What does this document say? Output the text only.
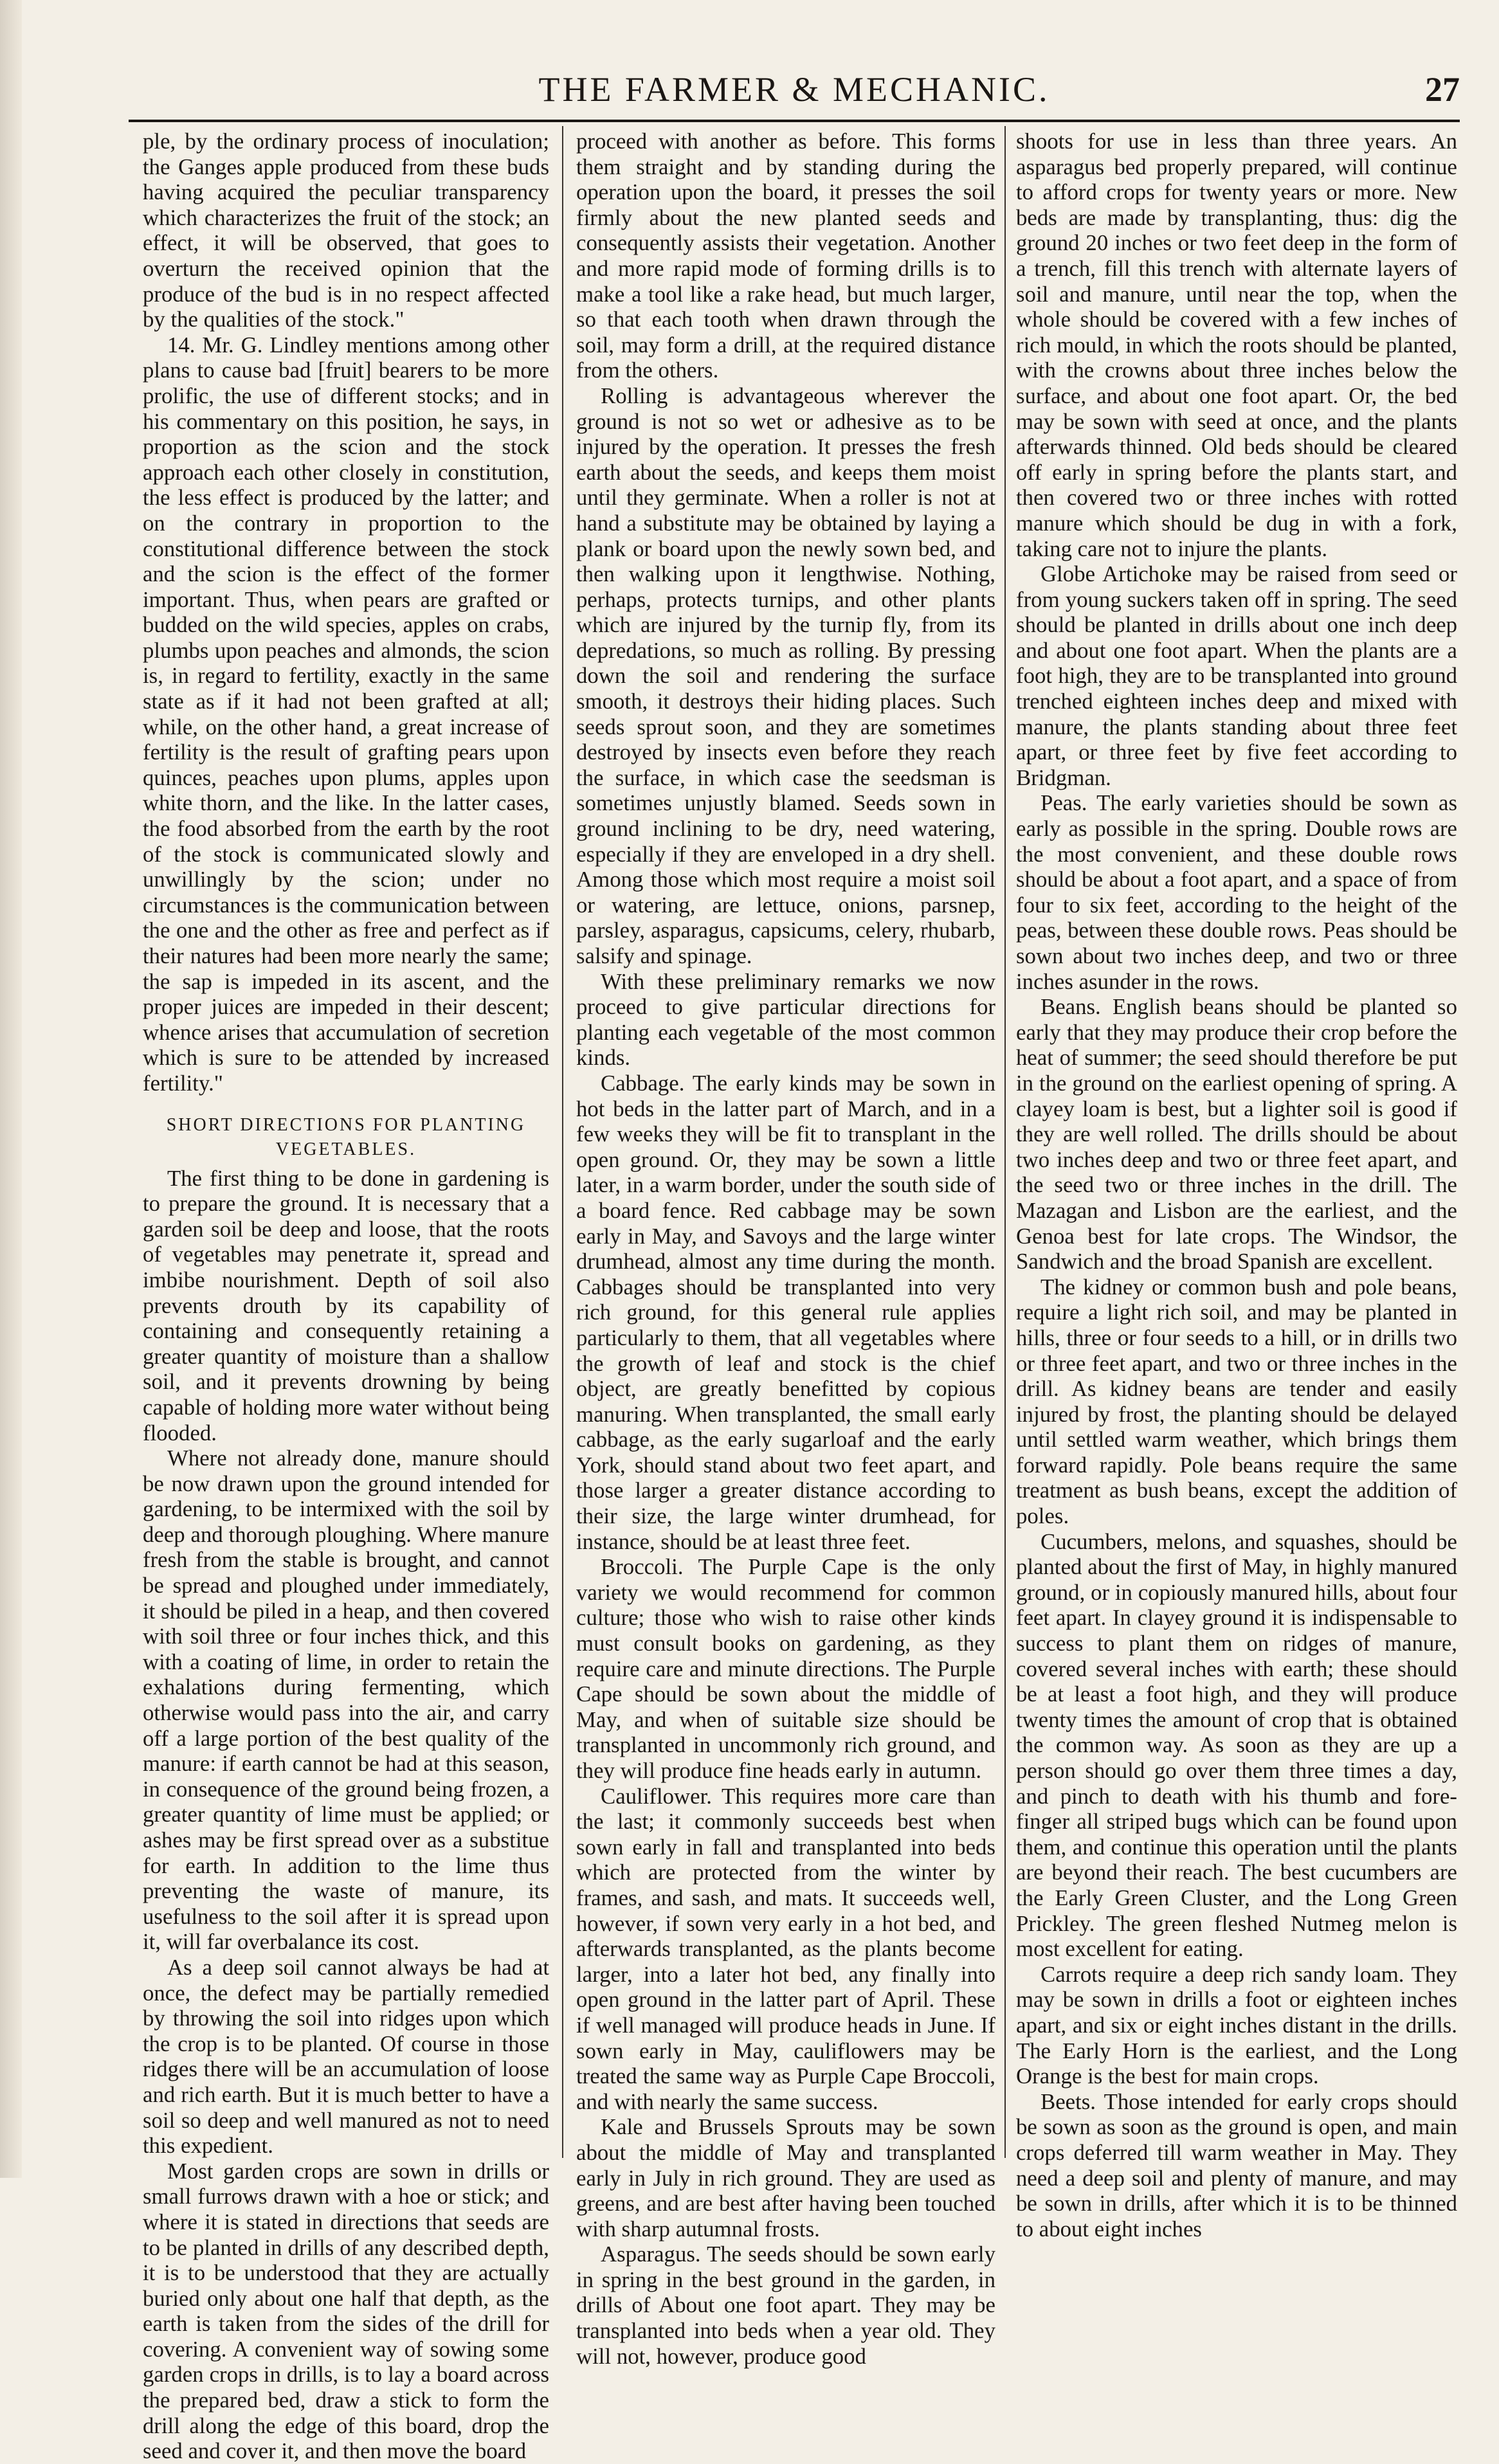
THE FARMER & MECHANIC.	27

ple, by the ordinary process of inoculation; the Ganges apple produced from these buds having acquired the peculiar transparency which characterizes the fruit of the stock; an effect, it will be observed, that goes to overturn the received opinion that the produce of the bud is in no respect affected by the qualities of the stock."

14. Mr. G. Lindley mentions among other plans to cause bad [fruit] bearers to be more prolific, the use of different stocks; and in his commentary on this position, he says, in proportion as the scion and the stock approach each other closely in constitution, the less effect is produced by the latter; and on the contrary in proportion to the constitutional difference between the stock and the scion is the effect of the former important. Thus, when pears are grafted or budded on the wild species, apples on crabs, plumbs upon peaches and almonds, the scion is, in regard to fertility, exactly in the same state as if it had not been grafted at all; while, on the other hand, a great increase of fertility is the result of grafting pears upon quinces, peaches upon plums, apples upon white thorn, and the like. In the latter cases, the food absorbed from the earth by the root of the stock is communicated slowly and unwillingly by the scion; under no circumstances is the communication between the one and the other as free and perfect as if their natures had been more nearly the same; the sap is impeded in its ascent, and the proper juices are impeded in their descent; whence arises that accumulation of secretion which is sure to be attended by increased fertility."

SHORT DIRECTIONS FOR PLANTING VEGETABLES.

The first thing to be done in gardening is to prepare the ground. It is necessary that a garden soil be deep and loose, that the roots of vegetables may penetrate it, spread and imbibe nourishment. Depth of soil also prevents drouth by its capability of containing and consequently retaining a greater quantity of moisture than a shallow soil, and it prevents drowning by being capable of holding more water without being flooded.

Where not already done, manure should be now drawn upon the ground intended for gardening, to be intermixed with the soil by deep and thorough ploughing. Where manure fresh from the stable is brought, and cannot be spread and ploughed under immediately, it should be piled in a heap, and then covered with soil three or four inches thick, and this with a coating of lime, in order to retain the exhalations during fermenting, which otherwise would pass into the air, and carry off a large portion of the best quality of the manure: if earth cannot be had at this season, in consequence of the ground being frozen, a greater quantity of lime must be applied; or ashes may be first spread over as a substitue for earth. In addition to the lime thus preventing the waste of manure, its usefulness to the soil after it is spread upon it, will far overbalance its cost.

As a deep soil cannot always be had at once, the defect may be partially remedied by throwing the soil into ridges upon which the crop is to be planted. Of course in those ridges there will be an accumulation of loose and rich earth. But it is much better to have a soil so deep and well manured as not to need this expedient.

Most garden crops are sown in drills or small furrows drawn with a hoe or stick; and where it is stated in directions that seeds are to be planted in drills of any described depth, it is to be understood that they are actually buried only about one half that depth, as the earth is taken from the sides of the drill for covering. A convenient way of sowing some garden crops in drills, is to lay a board across the prepared bed, draw a stick to form the drill along the edge of this board, drop the seed and cover it, and then move the board

proceed with another as before. This forms them straight and by standing during the operation upon the board, it presses the soil firmly about the new planted seeds and consequently assists their vegetation. Another and more rapid mode of forming drills is to make a tool like a rake head, but much larger, so that each tooth when drawn through the soil, may form a drill, at the required distance from the others.

Rolling is advantageous wherever the ground is not so wet or adhesive as to be injured by the operation. It presses the fresh earth about the seeds, and keeps them moist until they germinate. When a roller is not at hand a substitute may be obtained by laying a plank or board upon the newly sown bed, and then walking upon it lengthwise. Nothing, perhaps, protects turnips, and other plants which are injured by the turnip fly, from its depredations, so much as rolling. By pressing down the soil and rendering the surface smooth, it destroys their hiding places. Such seeds sprout soon, and they are sometimes destroyed by insects even before they reach the surface, in which case the seedsman is sometimes unjustly blamed. Seeds sown in ground inclining to be dry, need watering, especially if they are enveloped in a dry shell. Among those which most require a moist soil or watering, are lettuce, onions, parsnep, parsley, asparagus, capsicums, celery, rhubarb, salsify and spinage.

With these preliminary remarks we now proceed to give particular directions for planting each vegetable of the most common kinds.

Cabbage. The early kinds may be sown in hot beds in the latter part of March, and in a few weeks they will be fit to transplant in the open ground. Or, they may be sown a little later, in a warm border, under the south side of a board fence. Red cabbage may be sown early in May, and Savoys and the large winter drumhead, almost any time during the month. Cabbages should be transplanted into very rich ground, for this general rule applies particularly to them, that all vegetables where the growth of leaf and stock is the chief object, are greatly benefitted by copious manuring. When transplanted, the small early cabbage, as the early sugarloaf and the early York, should stand about two feet apart, and those larger a greater distance according to their size, the large winter drumhead, for instance, should be at least three feet.

Broccoli. The Purple Cape is the only variety we would recommend for common culture; those who wish to raise other kinds must consult books on gardening, as they require care and minute directions. The Purple Cape should be sown about the middle of May, and when of suitable size should be transplanted in uncommonly rich ground, and they will produce fine heads early in autumn.

Cauliflower. This requires more care than the last; it commonly succeeds best when sown early in fall and transplanted into beds which are protected from the winter by frames, and sash, and mats. It succeeds well, however, if sown very early in a hot bed, and afterwards transplanted, as the plants become larger, into a later hot bed, any finally into open ground in the latter part of April. These if well managed will produce heads in June. If sown early in May, cauliflowers may be treated the same way as Purple Cape Broccoli, and with nearly the same success.

Kale and Brussels Sprouts may be sown about the middle of May and transplanted early in July in rich ground. They are used as greens, and are best after having been touched with sharp autumnal frosts.

Asparagus. The seeds should be sown early in spring in the best ground in the garden, in drills of About one foot apart. They may be transplanted into beds when a year old. They will not, however, produce good

shoots for use in less than three years. An asparagus bed properly prepared, will continue to afford crops for twenty years or more. New beds are made by transplanting, thus: dig the ground 20 inches or two feet deep in the form of a trench, fill this trench with alternate layers of soil and manure, until near the top, when the whole should be covered with a few inches of rich mould, in which the roots should be planted, with the crowns about three inches below the surface, and about one foot apart. Or, the bed may be sown with seed at once, and the plants afterwards thinned. Old beds should be cleared off early in spring before the plants start, and then covered two or three inches with rotted manure which should be dug in with a fork, taking care not to injure the plants.

Globe Artichoke may be raised from seed or from young suckers taken off in spring. The seed should be planted in drills about one inch deep and about one foot apart. When the plants are a foot high, they are to be transplanted into ground trenched eighteen inches deep and mixed with manure, the plants standing about three feet apart, or three feet by five feet according to Bridgman.

Peas. The early varieties should be sown as early as possible in the spring. Double rows are the most convenient, and these double rows should be about a foot apart, and a space of from four to six feet, according to the height of the peas, between these double rows. Peas should be sown about two inches deep, and two or three inches asunder in the rows.

Beans. English beans should be planted so early that they may produce their crop before the heat of summer; the seed should therefore be put in the ground on the earliest opening of spring. A clayey loam is best, but a lighter soil is good if they are well rolled. The drills should be about two inches deep and two or three feet apart, and the seed two or three inches in the drill. The Mazagan and Lisbon are the earliest, and the Genoa best for late crops. The Windsor, the Sandwich and the broad Spanish are excellent.

The kidney or common bush and pole beans, require a light rich soil, and may be planted in hills, three or four seeds to a hill, or in drills two or three feet apart, and two or three inches in the drill. As kidney beans are tender and easily injured by frost, the planting should be delayed until settled warm weather, which brings them forward rapidly. Pole beans require the same treatment as bush beans, except the addition of poles.

Cucumbers, melons, and squashes, should be planted about the first of May, in highly manured ground, or in copiously manured hills, about four feet apart. In clayey ground it is indispensable to success to plant them on ridges of manure, covered several inches with earth; these should be at least a foot high, and they will produce twenty times the amount of crop that is obtained the common way. As soon as they are up a person should go over them three times a day, and pinch to death with his thumb and fore-finger all striped bugs which can be found upon them, and continue this operation until the plants are beyond their reach. The best cucumbers are the Early Green Cluster, and the Long Green Prickley. The green fleshed Nutmeg melon is most excellent for eating.

Carrots require a deep rich sandy loam. They may be sown in drills a foot or eighteen inches apart, and six or eight inches distant in the drills. The Early Horn is the earliest, and the Long Orange is the best for main crops.

Beets. Those intended for early crops should be sown as soon as the ground is open, and main crops deferred till warm weather in May. They need a deep soil and plenty of manure, and may be sown in drills, after which it is to be thinned to about eight inches
